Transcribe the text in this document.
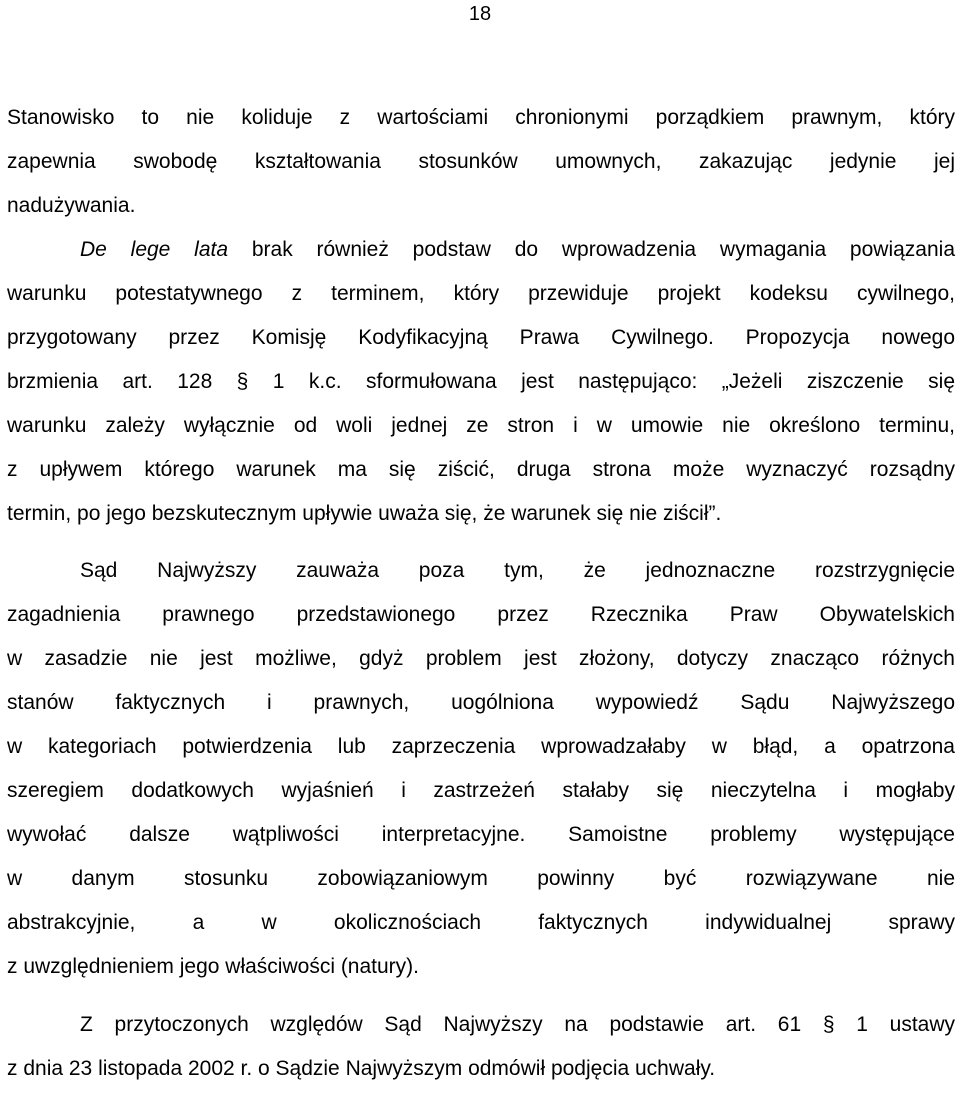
18
Stanowisko to nie koliduje z wartościami chronionymi porządkiem prawnym, który
zapewnia swobodę kształtowania stosunków umownych, zakazując jedynie jej
nadużywania.
De lege lata brak również podstaw do wprowadzenia wymagania powiązania
warunku potestatywnego z terminem, który przewiduje projekt kodeksu cywilnego,
przygotowany przez Komisję Kodyfikacyjną Prawa Cywilnego. Propozycja nowego
brzmienia art. 128 § 1 k.c. sformułowana jest następująco: „Jeżeli ziszczenie się
warunku zależy wyłącznie od woli jednej ze stron i w umowie nie określono terminu,
z upływem którego warunek ma się ziścić, druga strona może wyznaczyć rozsądny
termin, po jego bezskutecznym upływie uważa się, że warunek się nie ziścił”.
Sąd Najwyższy zauważa poza tym, że jednoznaczne rozstrzygnięcie
zagadnienia prawnego przedstawionego przez Rzecznika Praw Obywatelskich
w zasadzie nie jest możliwe, gdyż problem jest złożony, dotyczy znacząco różnych
stanów faktycznych i prawnych, uogólniona wypowiedź Sądu Najwyższego
w kategoriach potwierdzenia lub zaprzeczenia wprowadzałaby w błąd, a opatrzona
szeregiem dodatkowych wyjaśnień i zastrzeżeń stałaby się nieczytelna i mogłaby
wywołać dalsze wątpliwości interpretacyjne. Samoistne problemy występujące
w danym stosunku zobowiązaniowym powinny być rozwiązywane nie
abstrakcyjnie, a w okolicznościach faktycznych indywidualnej sprawy
z uwzględnieniem jego właściwości (natury).
Z przytoczonych względów Sąd Najwyższy na podstawie art. 61 § 1 ustawy
z dnia 23 listopada 2002 r. o Sądzie Najwyższym odmówił podjęcia uchwały.
